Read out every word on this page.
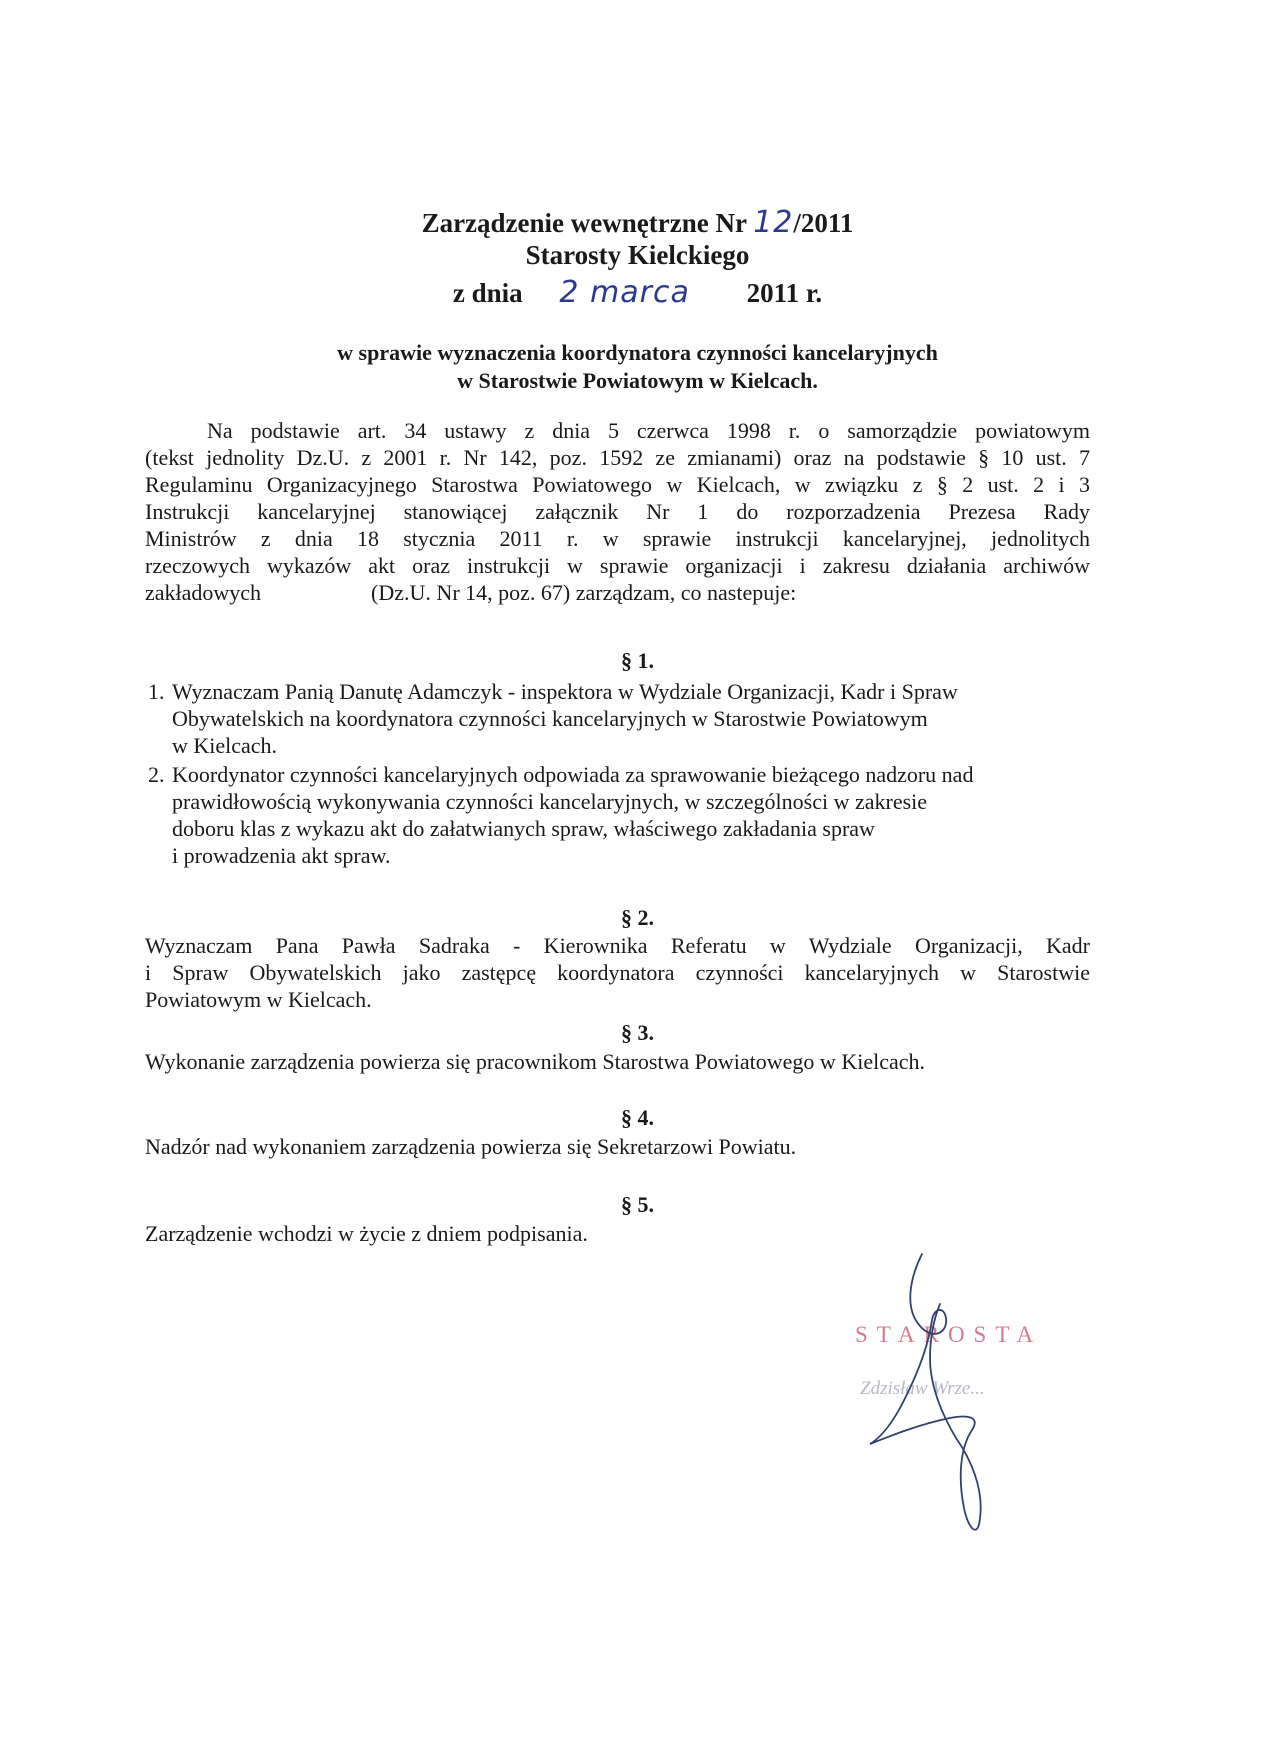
Zarządzenie wewnętrzne Nr 12/2011
Starosty Kielckiego
z dnia 2 marca 2011 r.
w sprawie wyznaczenia koordynatora czynności kancelaryjnych
w Starostwie Powiatowym w Kielcach.
Na podstawie art. 34 ustawy z dnia 5 czerwca 1998 r. o samorządzie powiatowym
(tekst jednolity Dz.U. z 2001 r. Nr 142, poz. 1592 ze zmianami) oraz na podstawie § 10 ust. 7
Regulaminu Organizacyjnego Starostwa Powiatowego w Kielcach, w związku z § 2 ust. 2 i 3
Instrukcji kancelaryjnej stanowiącej załącznik Nr 1 do rozporzadzenia Prezesa Rady
Ministrów z dnia 18 stycznia 2011 r. w sprawie instrukcji kancelaryjnej, jednolitych
rzeczowych wykazów akt oraz instrukcji w sprawie organizacji i zakresu działania archiwów
zakładowych                    (Dz.U. Nr 14, poz. 67) zarządzam, co nastepuje:
§ 1.
1. Wyznaczam Panią Danutę Adamczyk - inspektora w Wydziale Organizacji, Kadr i Spraw
Obywatelskich na koordynatora czynności kancelaryjnych w Starostwie Powiatowym
w Kielcach.
2. Koordynator czynności kancelaryjnych odpowiada za sprawowanie bieżącego nadzoru nad
prawidłowością wykonywania czynności kancelaryjnych, w szczególności w zakresie
doboru klas z wykazu akt do załatwianych spraw, właściwego zakładania spraw
i prowadzenia akt spraw.
§ 2.
Wyznaczam Pana Pawła Sadraka - Kierownika Referatu w Wydziale Organizacji, Kadr
i Spraw Obywatelskich jako zastępcę koordynatora czynności kancelaryjnych w Starostwie
Powiatowym w Kielcach.
§ 3.
Wykonanie zarządzenia powierza się pracownikom Starostwa Powiatowego w Kielcach.
§ 4.
Nadzór nad wykonaniem zarządzenia powierza się Sekretarzowi Powiatu.
§ 5.
Zarządzenie wchodzi w życie z dniem podpisania.
STAROSTA
Zdzisław Wrze...
